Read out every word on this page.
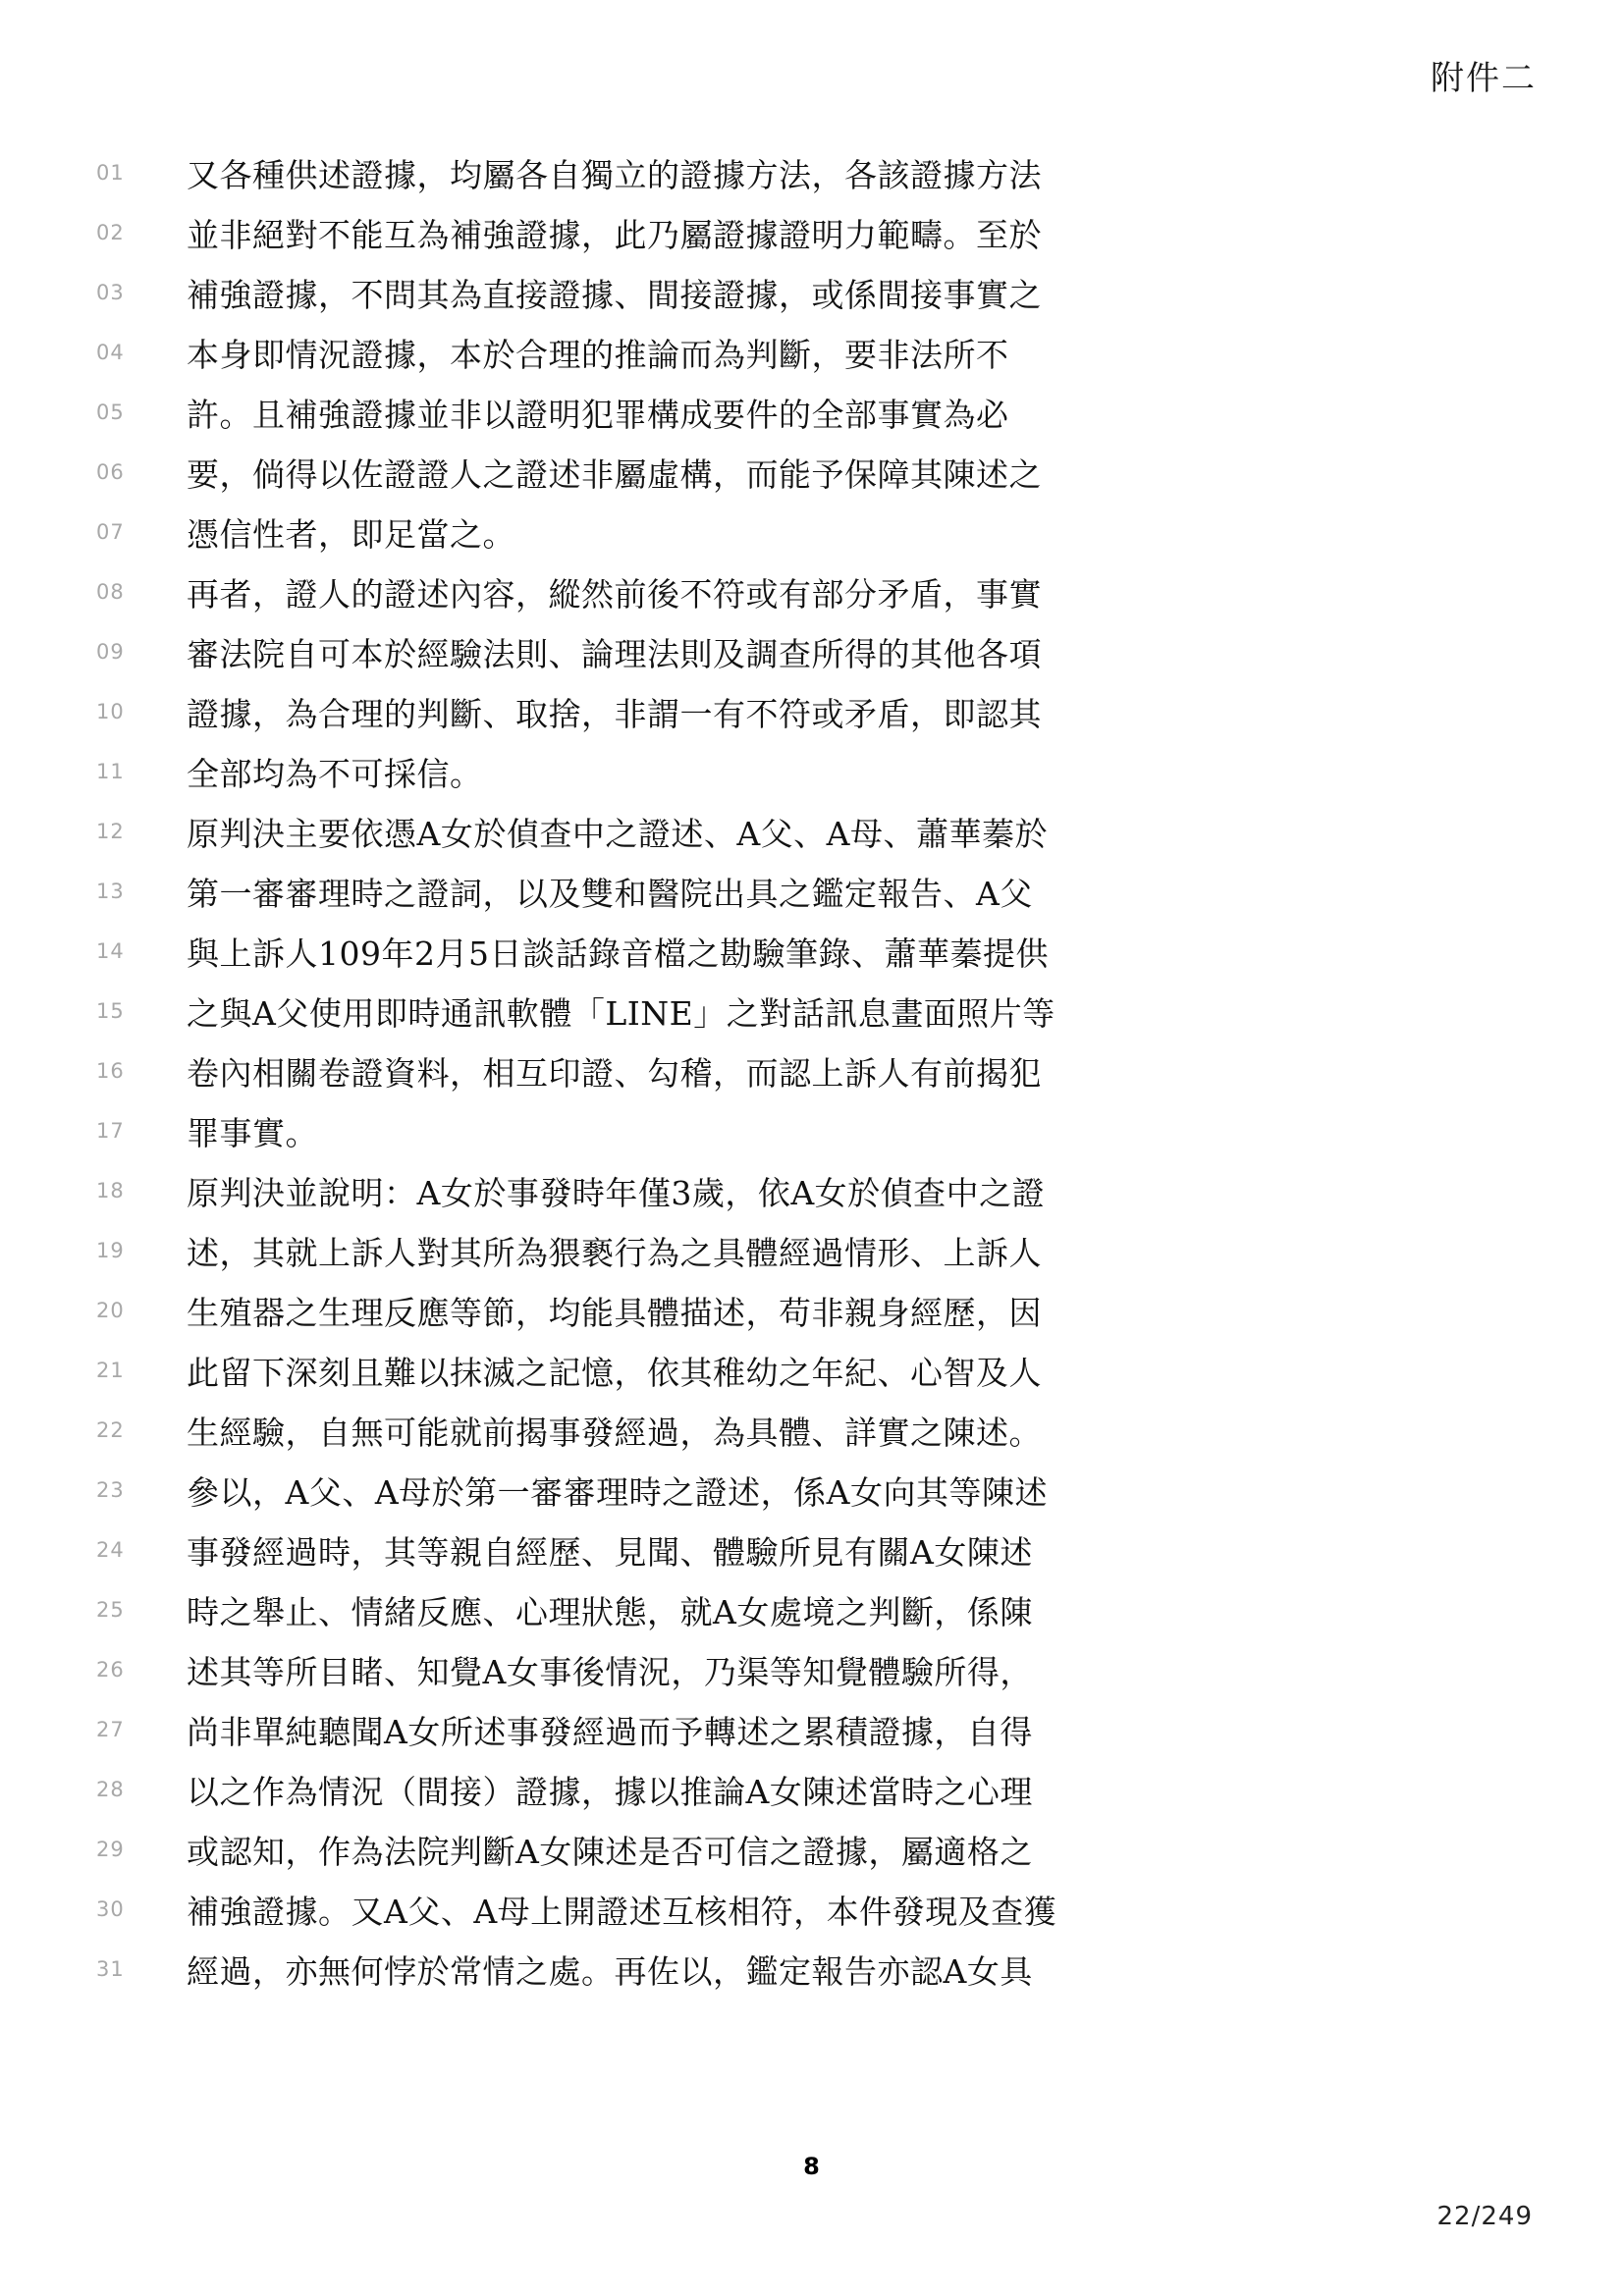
附件二
01	又各種供述證據，均屬各自獨立的證據方法，各該證據方法
02	並非絕對不能互為補強證據，此乃屬證據證明力範疇。至於
03	補強證據，不問其為直接證據、間接證據，或係間接事實之
04	本身即情況證據，本於合理的推論而為判斷，要非法所不
05	許。且補強證據並非以證明犯罪構成要件的全部事實為必
06	要，倘得以佐證證人之證述非屬虛構，而能予保障其陳述之
07	憑信性者，即足當之。
08	再者，證人的證述內容，縱然前後不符或有部分矛盾，事實
09	審法院自可本於經驗法則、論理法則及調查所得的其他各項
10	證據，為合理的判斷、取捨，非謂一有不符或矛盾，即認其
11	全部均為不可採信。
12	原判決主要依憑A女於偵查中之證述、A父、A母、蕭華蓁於
13	第一審審理時之證詞，以及雙和醫院出具之鑑定報告、A父
14	與上訴人109年2月5日談話錄音檔之勘驗筆錄、蕭華蓁提供
15	之與A父使用即時通訊軟體「LINE」之對話訊息畫面照片等
16	卷內相關卷證資料，相互印證、勾稽，而認上訴人有前揭犯
17	罪事實。
18	原判決並說明：A女於事發時年僅3歲，依A女於偵查中之證
19	述，其就上訴人對其所為猥褻行為之具體經過情形、上訴人
20	生殖器之生理反應等節，均能具體描述，苟非親身經歷，因
21	此留下深刻且難以抹滅之記憶，依其稚幼之年紀、心智及人
22	生經驗，自無可能就前揭事發經過，為具體、詳實之陳述。
23	參以，A父、A母於第一審審理時之證述，係A女向其等陳述
24	事發經過時，其等親自經歷、見聞、體驗所見有關A女陳述
25	時之舉止、情緒反應、心理狀態，就A女處境之判斷，係陳
26	述其等所目睹、知覺A女事後情況，乃渠等知覺體驗所得，
27	尚非單純聽聞A女所述事發經過而予轉述之累積證據，自得
28	以之作為情況（間接）證據，據以推論A女陳述當時之心理
29	或認知，作為法院判斷A女陳述是否可信之證據，屬適格之
30	補強證據。又A父、A母上開證述互核相符，本件發現及查獲
31	經過，亦無何悖於常情之處。再佐以，鑑定報告亦認A女具
8
22/249
